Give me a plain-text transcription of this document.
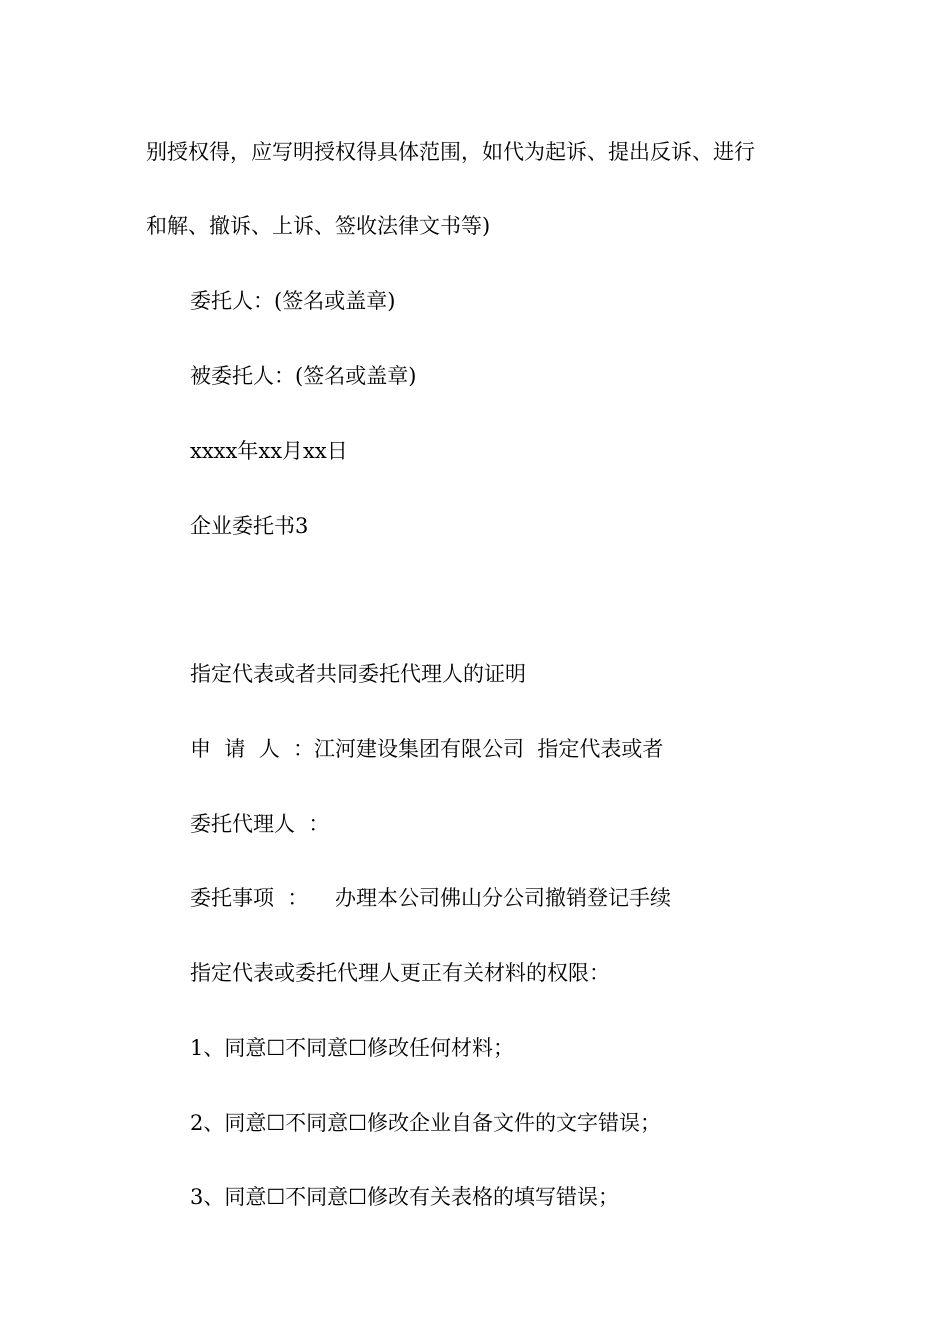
别授权得，应写明授权得具体范围，如代为起诉、提出反诉、进行
和解、撤诉、上诉、签收法律文书等)
委托人：(签名或盖章)
被委托人：(签名或盖章)
xxxx年xx月xx日
企业委托书3
指定代表或者共同委托代理人的证明
申  请  人  ：江河建设集团有限公司  指定代表或者
委托代理人  ：
委托事项  ：    办理本公司佛山分公司撤销登记手续
指定代表或委托代理人更正有关材料的权限：
1、同意☐不同意☐修改任何材料；
2、同意☐不同意☐修改企业自备文件的文字错误；
3、同意☐不同意☐修改有关表格的填写错误；
